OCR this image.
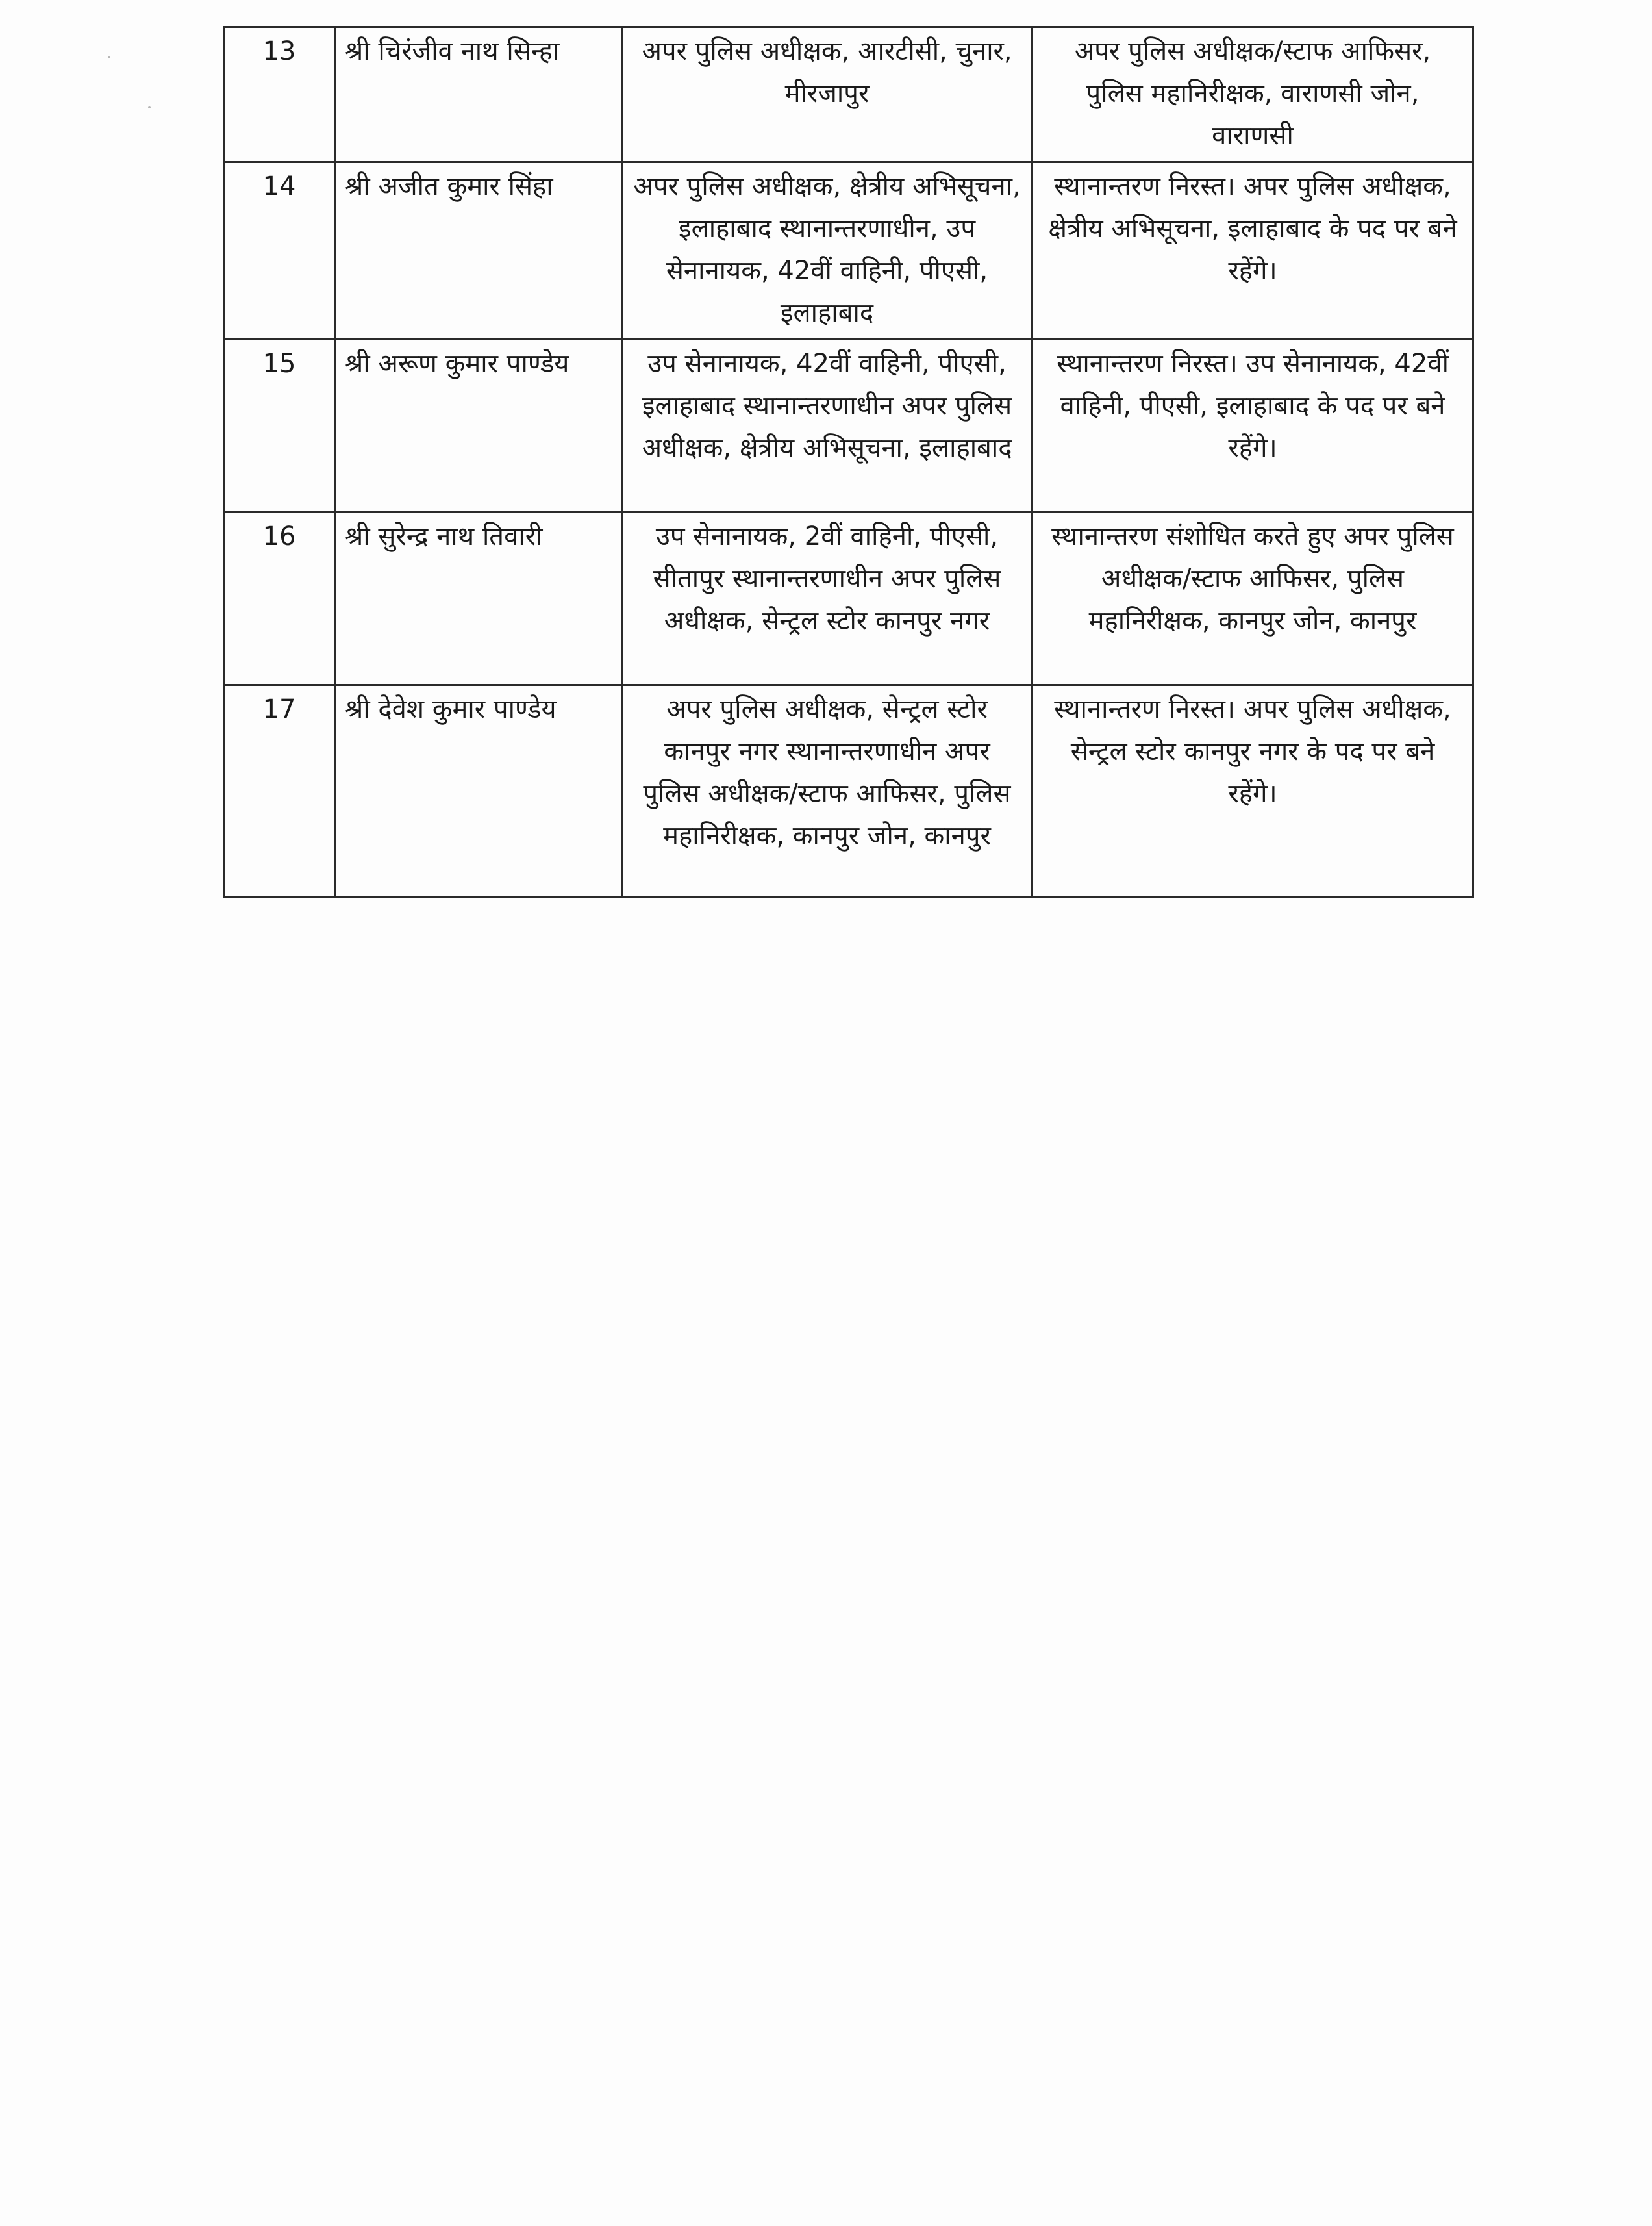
13	श्री चिरंजीव नाथ सिन्हा	अपर पुलिस अधीक्षक, आरटीसी, चुनार, मीरजापुर	अपर पुलिस अधीक्षक/स्टाफ आफिसर, पुलिस महानिरीक्षक, वाराणसी जोन, वाराणसी
14	श्री अजीत कुमार सिंहा	अपर पुलिस अधीक्षक, क्षेत्रीय अभिसूचना, इलाहाबाद स्थानान्तरणाधीन, उप सेनानायक, 42वीं वाहिनी, पीएसी, इलाहाबाद	स्थानान्तरण निरस्त। अपर पुलिस अधीक्षक, क्षेत्रीय अभिसूचना, इलाहाबाद के पद पर बने रहेंगे।
15	श्री अरूण कुमार पाण्डेय	उप सेनानायक, 42वीं वाहिनी, पीएसी, इलाहाबाद स्थानान्तरणाधीन अपर पुलिस अधीक्षक, क्षेत्रीय अभिसूचना, इलाहाबाद	स्थानान्तरण निरस्त। उप सेनानायक, 42वीं वाहिनी, पीएसी, इलाहाबाद के पद पर बने रहेंगे।
16	श्री सुरेन्द्र नाथ तिवारी	उप सेनानायक, 2वीं वाहिनी, पीएसी, सीतापुर स्थानान्तरणाधीन अपर पुलिस अधीक्षक, सेन्ट्रल स्टोर कानपुर नगर	स्थानान्तरण संशोधित करते हुए अपर पुलिस अधीक्षक/स्टाफ आफिसर, पुलिस महानिरीक्षक, कानपुर जोन, कानपुर
17	श्री देवेश कुमार पाण्डेय	अपर पुलिस अधीक्षक, सेन्ट्रल स्टोर कानपुर नगर स्थानान्तरणाधीन अपर पुलिस अधीक्षक/स्टाफ आफिसर, पुलिस महानिरीक्षक, कानपुर जोन, कानपुर	स्थानान्तरण निरस्त। अपर पुलिस अधीक्षक, सेन्ट्रल स्टोर कानपुर नगर के पद पर बने रहेंगे।
